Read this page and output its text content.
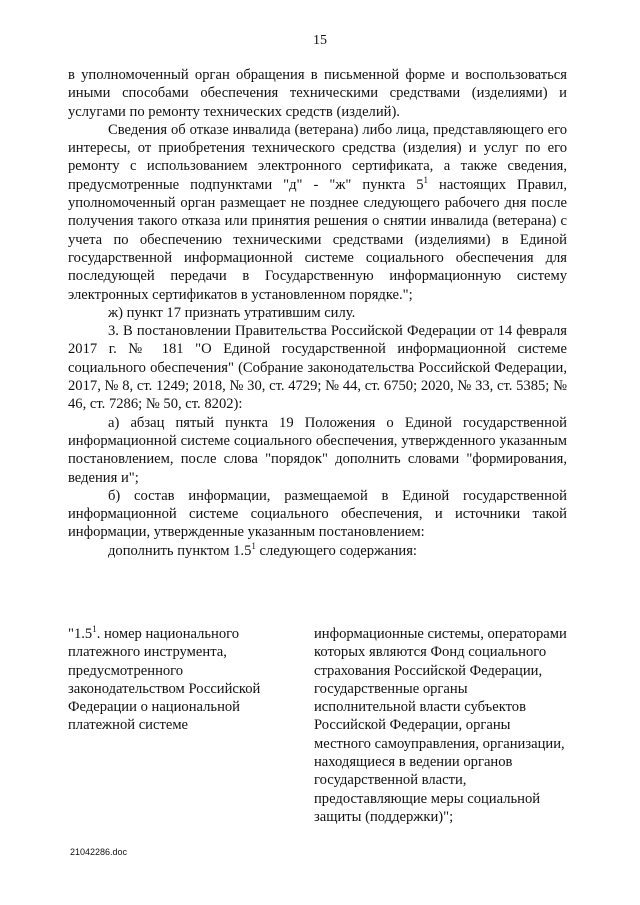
15

в уполномоченный орган обращения в письменной форме и воспользоваться иными способами обеспечения техническими средствами (изделиями) и услугами по ремонту технических средств (изделий).

Сведения об отказе инвалида (ветерана) либо лица, представляющего его интересы, от приобретения технического средства (изделия) и услуг по его ремонту с использованием электронного сертификата, а также сведения, предусмотренные подпунктами "д" - "ж" пункта $5^1$ настоящих Правил, уполномоченный орган размещает не позднее следующего рабочего дня после получения такого отказа или принятия решения о снятии инвалида (ветерана) с учета по обеспечению техническими средствами (изделиями) в Единой государственной информационной системе социального обеспечения для последующей передачи в Государственную информационную систему электронных сертификатов в установленном порядке.";

ж) пункт 17 признать утратившим силу.

3. В постановлении Правительства Российской Федерации от 14 февраля 2017 г. № 181 "О Единой государственной информационной системе социального обеспечения" (Собрание законодательства Российской Федерации, 2017, № 8, ст. 1249; 2018, № 30, ст. 4729; № 44, ст. 6750; 2020, № 33, ст. 5385; № 46, ст. 7286; № 50, ст. 8202):

а) абзац пятый пункта 19 Положения о Единой государственной информационной системе социального обеспечения, утвержденного указанным постановлением, после слова "порядок" дополнить словами "формирования, ведения и";

б) состав информации, размещаемой в Единой государственной информационной системе социального обеспечения, и источники такой информации, утвержденные указанным постановлением:

дополнить пунктом $1.5^1$ следующего содержания:

"$1.5^1$. номер национального платежного инструмента, предусмотренного законодательством Российской Федерации о национальной платежной системе
информационные системы, операторами которых являются Фонд социального страхования Российской Федерации, государственные органы исполнительной власти субъектов Российской Федерации, органы местного самоуправления, организации, находящиеся в ведении органов государственной власти, предоставляющие меры социальной защиты (поддержки)";
21042286.doc
